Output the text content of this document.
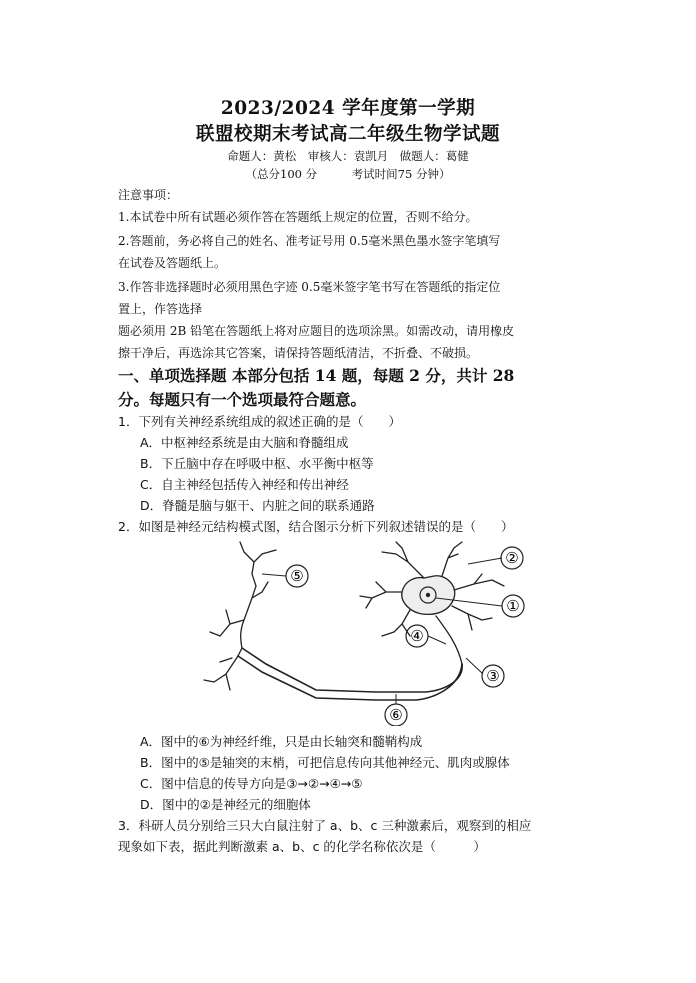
2023/2024 学年度第一学期
联盟校期末考试高二年级生物学试题
命题人：黄松　审核人：袁凯月　做题人：葛健
（总分100 分　　　考试时间75 分钟）
注意事项：
1.本试卷中所有试题必须作答在答题纸上规定的位置，否则不给分。
2.答题前，务必将自己的姓名、准考证号用 0.5毫米黑色墨水签字笔填写
在试卷及答题纸上。
3.作答非选择题时必须用黑色字迹 0.5毫米签字笔书写在答题纸的指定位
置上，作答选择
题必须用 2B 铅笔在答题纸上将对应题目的选项涂黑。如需改动，请用橡皮
擦干净后，再选涂其它答案，请保持答题纸清洁，不折叠、不破损。
一、单项选择题 本部分包括 14 题，每题 2 分，共计 28
分。每题只有一个选项最符合题意。
1．下列有关神经系统组成的叙述正确的是（　　）
A．中枢神经系统是由大脑和脊髓组成
B．下丘脑中存在呼吸中枢、水平衡中枢等
C．自主神经包括传入神经和传出神经
D．脊髓是脑与躯干、内脏之间的联系通路
2．如图是神经元结构模式图，结合图示分析下列叙述错误的是（　　）
⑤
②
①
④
③
⑥
A．图中的⑥为神经纤维，只是由长轴突和髓鞘构成
B．图中的⑤是轴突的末梢，可把信息传向其他神经元、肌肉或腺体
C．图中信息的传导方向是③→②→④→⑤
D．图中的②是神经元的细胞体
3．科研人员分别给三只大白鼠注射了 a、b、c 三种激素后，观察到的相应
现象如下表，据此判断激素 a、b、c 的化学名称依次是（　　　）
